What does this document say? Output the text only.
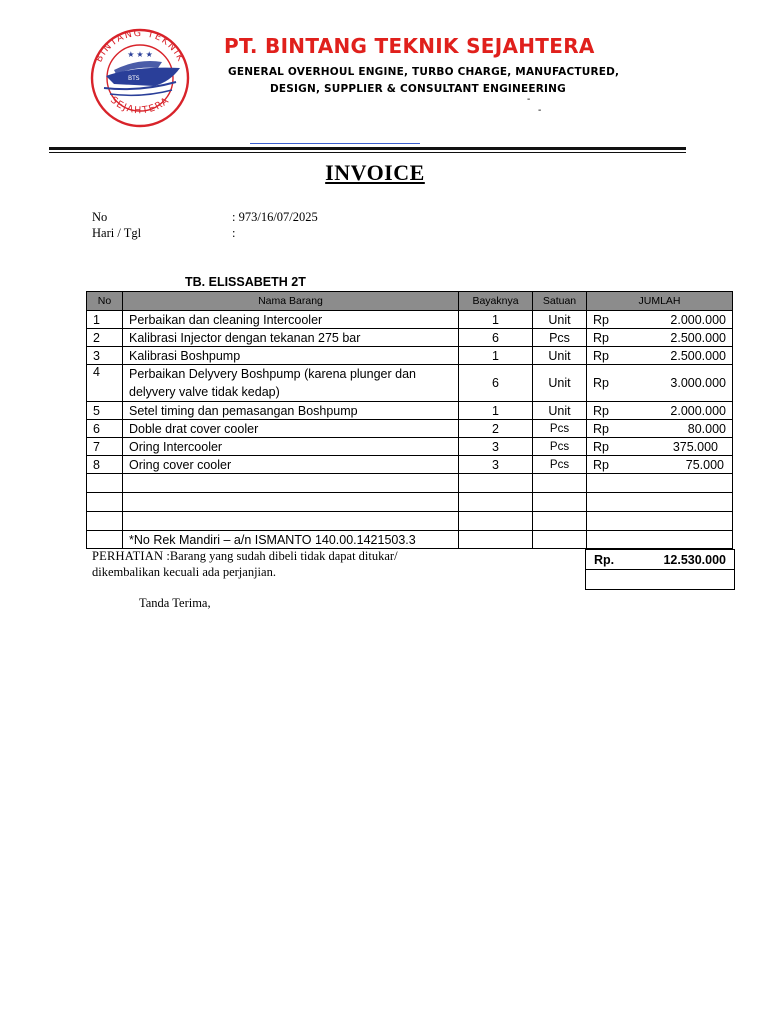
BINTANG TEKNIK
SEJAHTERA
★ ★ ★
BTS
PT. BINTANG TEKNIK SEJAHTERA
GENERAL OVERHOUL ENGINE, TURBO CHARGE, MANUFACTURED,
DESIGN, SUPPLIER & CONSULTANT ENGINEERING
-
-
INVOICE
No	: 973/16/07/2025
Hari / Tgl	:
TB. ELISSABETH 2T
No	Nama Barang	Bayaknya	Satuan	JUMLAH
1	Perbaikan dan cleaning Intercooler	1	Unit	Rp 2.000.000

2	Kalibrasi Injector dengan tekanan 275 bar	6	Pcs	Rp 2.500.000

3	Kalibrasi Boshpump	1	Unit	Rp 2.500.000

4	Perbaikan Delyvery Boshpump (karena plunger dan delyvery valve tidak kedap)	6	Unit	Rp 3.000.000

5	Setel timing dan pemasangan Boshpump	1	Unit	Rp 2.000.000

6	Doble drat cover cooler	2	Pcs	Rp 80.000

7	Oring Intercooler	3	Pcs	Rp 375.000

8	Oring cover cooler	3	Pcs	Rp 75.000

	*No Rek Mandiri – a/n ISMANTO 140.00.1421503.3			
PERHATIAN :Barang yang sudah dibeli tidak dapat ditukar/ dikembalikan kecuali ada perjanjian.
Rp.	12.530.000

Tanda Terima,
